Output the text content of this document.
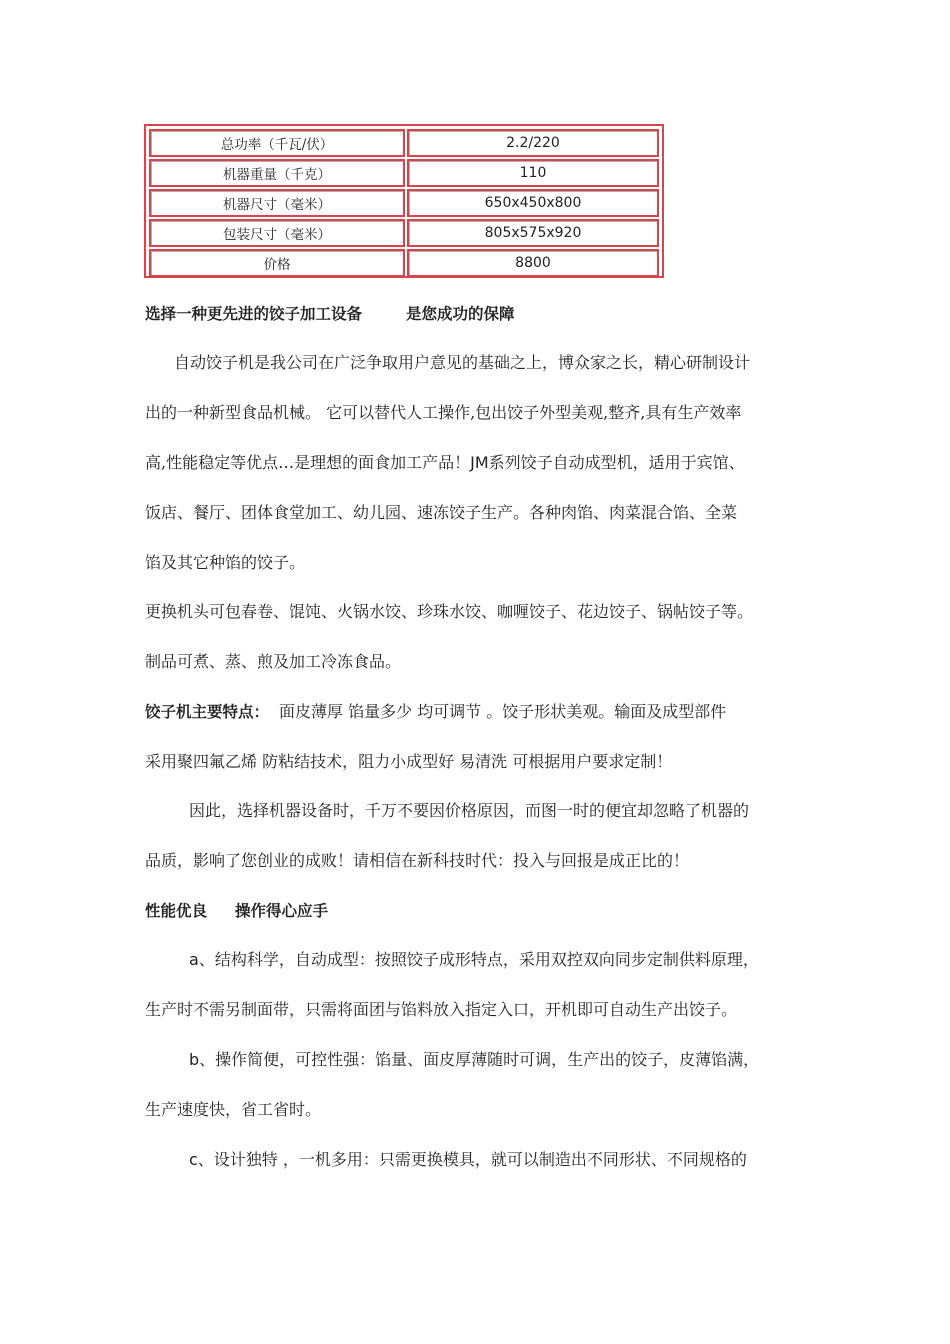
总功率（千瓦/伏）	2.2/220
机器重量（千克）	110
机器尺寸（毫米）	650x450x800
包装尺寸（毫米）	805x575x920
价格	8800
选择一种更先进的饺子加工设备	是您成功的保障
自动饺子机是我公司在广泛争取用户意见的基础之上，博众家之长，精心研制设计
出的一种新型食品机械。 它可以替代人工操作,包出饺子外型美观,整齐,具有生产效率
高,性能稳定等优点…是理想的面食加工产品！JM系列饺子自动成型机，适用于宾馆、
饭店、餐厅、团体食堂加工、幼儿园、速冻饺子生产。各种肉馅、肉菜混合馅、全菜
馅及其它种馅的饺子。
更换机头可包春卷、馄饨、火锅水饺、珍珠水饺、咖喱饺子、花边饺子、锅帖饺子等。
制品可煮、蒸、煎及加工冷冻食品。
饺子机主要特点： 面皮薄厚 馅量多少 均可调节 。饺子形状美观。输面及成型部件
采用聚四氟乙烯 防粘结技术，阻力小成型好 易清洗 可根据用户要求定制！
因此，选择机器设备时，千万不要因价格原因，而图一时的便宜却忽略了机器的
品质，影响了您创业的成败！请相信在新科技时代：投入与回报是成正比的！
性能优良 操作得心应手
a、结构科学，自动成型：按照饺子成形特点，采用双控双向同步定制供料原理，
生产时不需另制面带，只需将面团与馅料放入指定入口，开机即可自动生产出饺子。
b、操作简便，可控性强：馅量、面皮厚薄随时可调，生产出的饺子，皮薄馅满，
生产速度快，省工省时。
c、设计独特 ，一机多用：只需更换模具，就可以制造出不同形状、不同规格的
